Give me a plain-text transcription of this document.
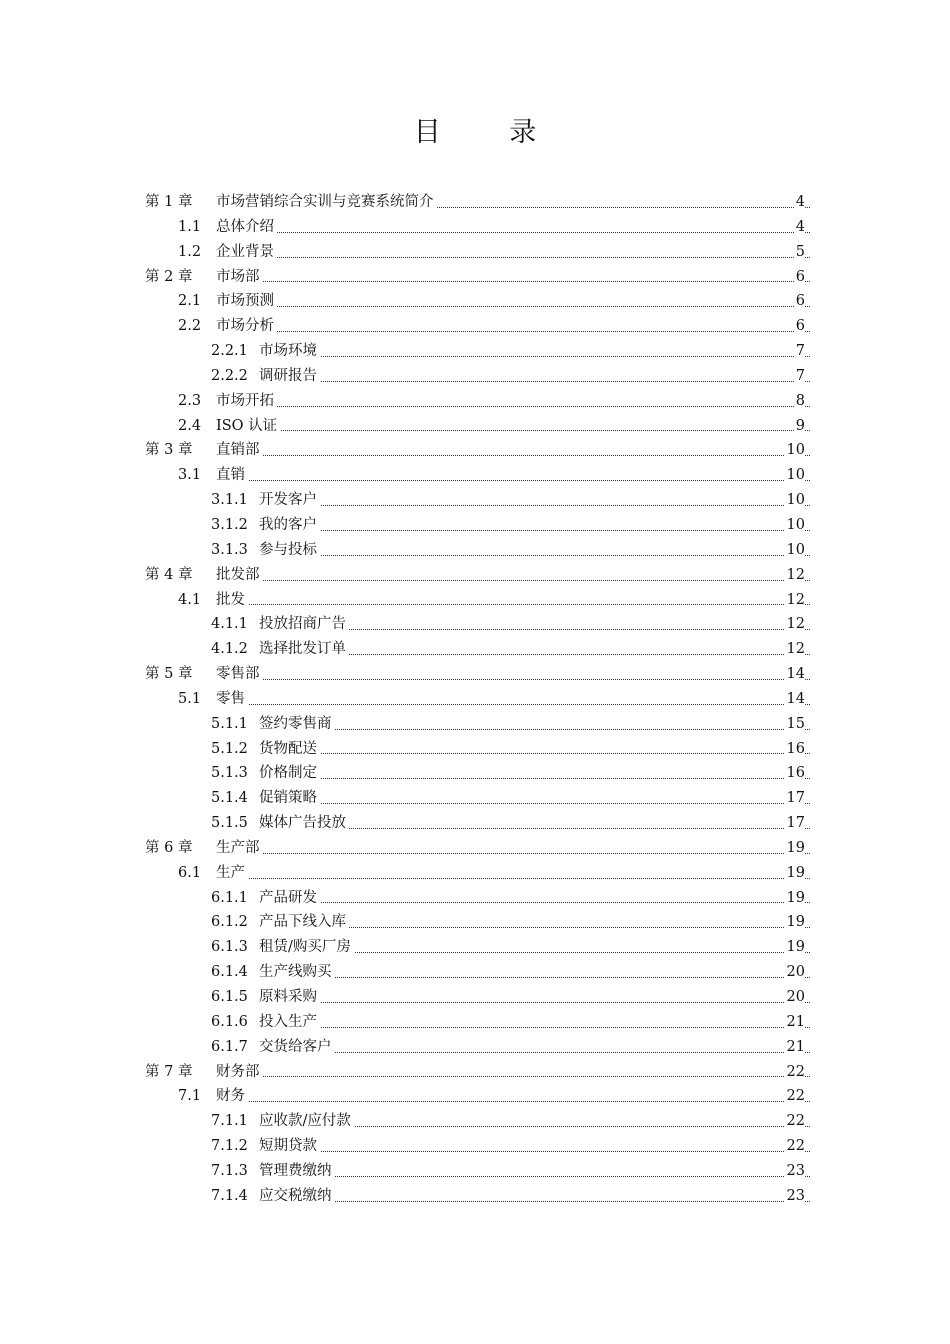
目 录
第 1 章 市场营销综合实训与竞赛系统简介	4
1.1 总体介绍	4
1.2 企业背景	5
第 2 章 市场部	6
2.1 市场预测	6
2.2 市场分析	6
2.2.1 市场环境	7
2.2.2 调研报告	7
2.3 市场开拓	8
2.4 ISO 认证	9
第 3 章 直销部	10
3.1 直销	10
3.1.1 开发客户	10
3.1.2 我的客户	10
3.1.3 参与投标	10
第 4 章 批发部	12
4.1 批发	12
4.1.1 投放招商广告	12
4.1.2 选择批发订单	12
第 5 章 零售部	14
5.1 零售	14
5.1.1 签约零售商	15
5.1.2 货物配送	16
5.1.3 价格制定	16
5.1.4 促销策略	17
5.1.5 媒体广告投放	17
第 6 章 生产部	19
6.1 生产	19
6.1.1 产品研发	19
6.1.2 产品下线入库	19
6.1.3 租赁/购买厂房	19
6.1.4 生产线购买	20
6.1.5 原料采购	20
6.1.6 投入生产	21
6.1.7 交货给客户	21
第 7 章 财务部	22
7.1 财务	22
7.1.1 应收款/应付款	22
7.1.2 短期贷款	22
7.1.3 管理费缴纳	23
7.1.4 应交税缴纳	23
